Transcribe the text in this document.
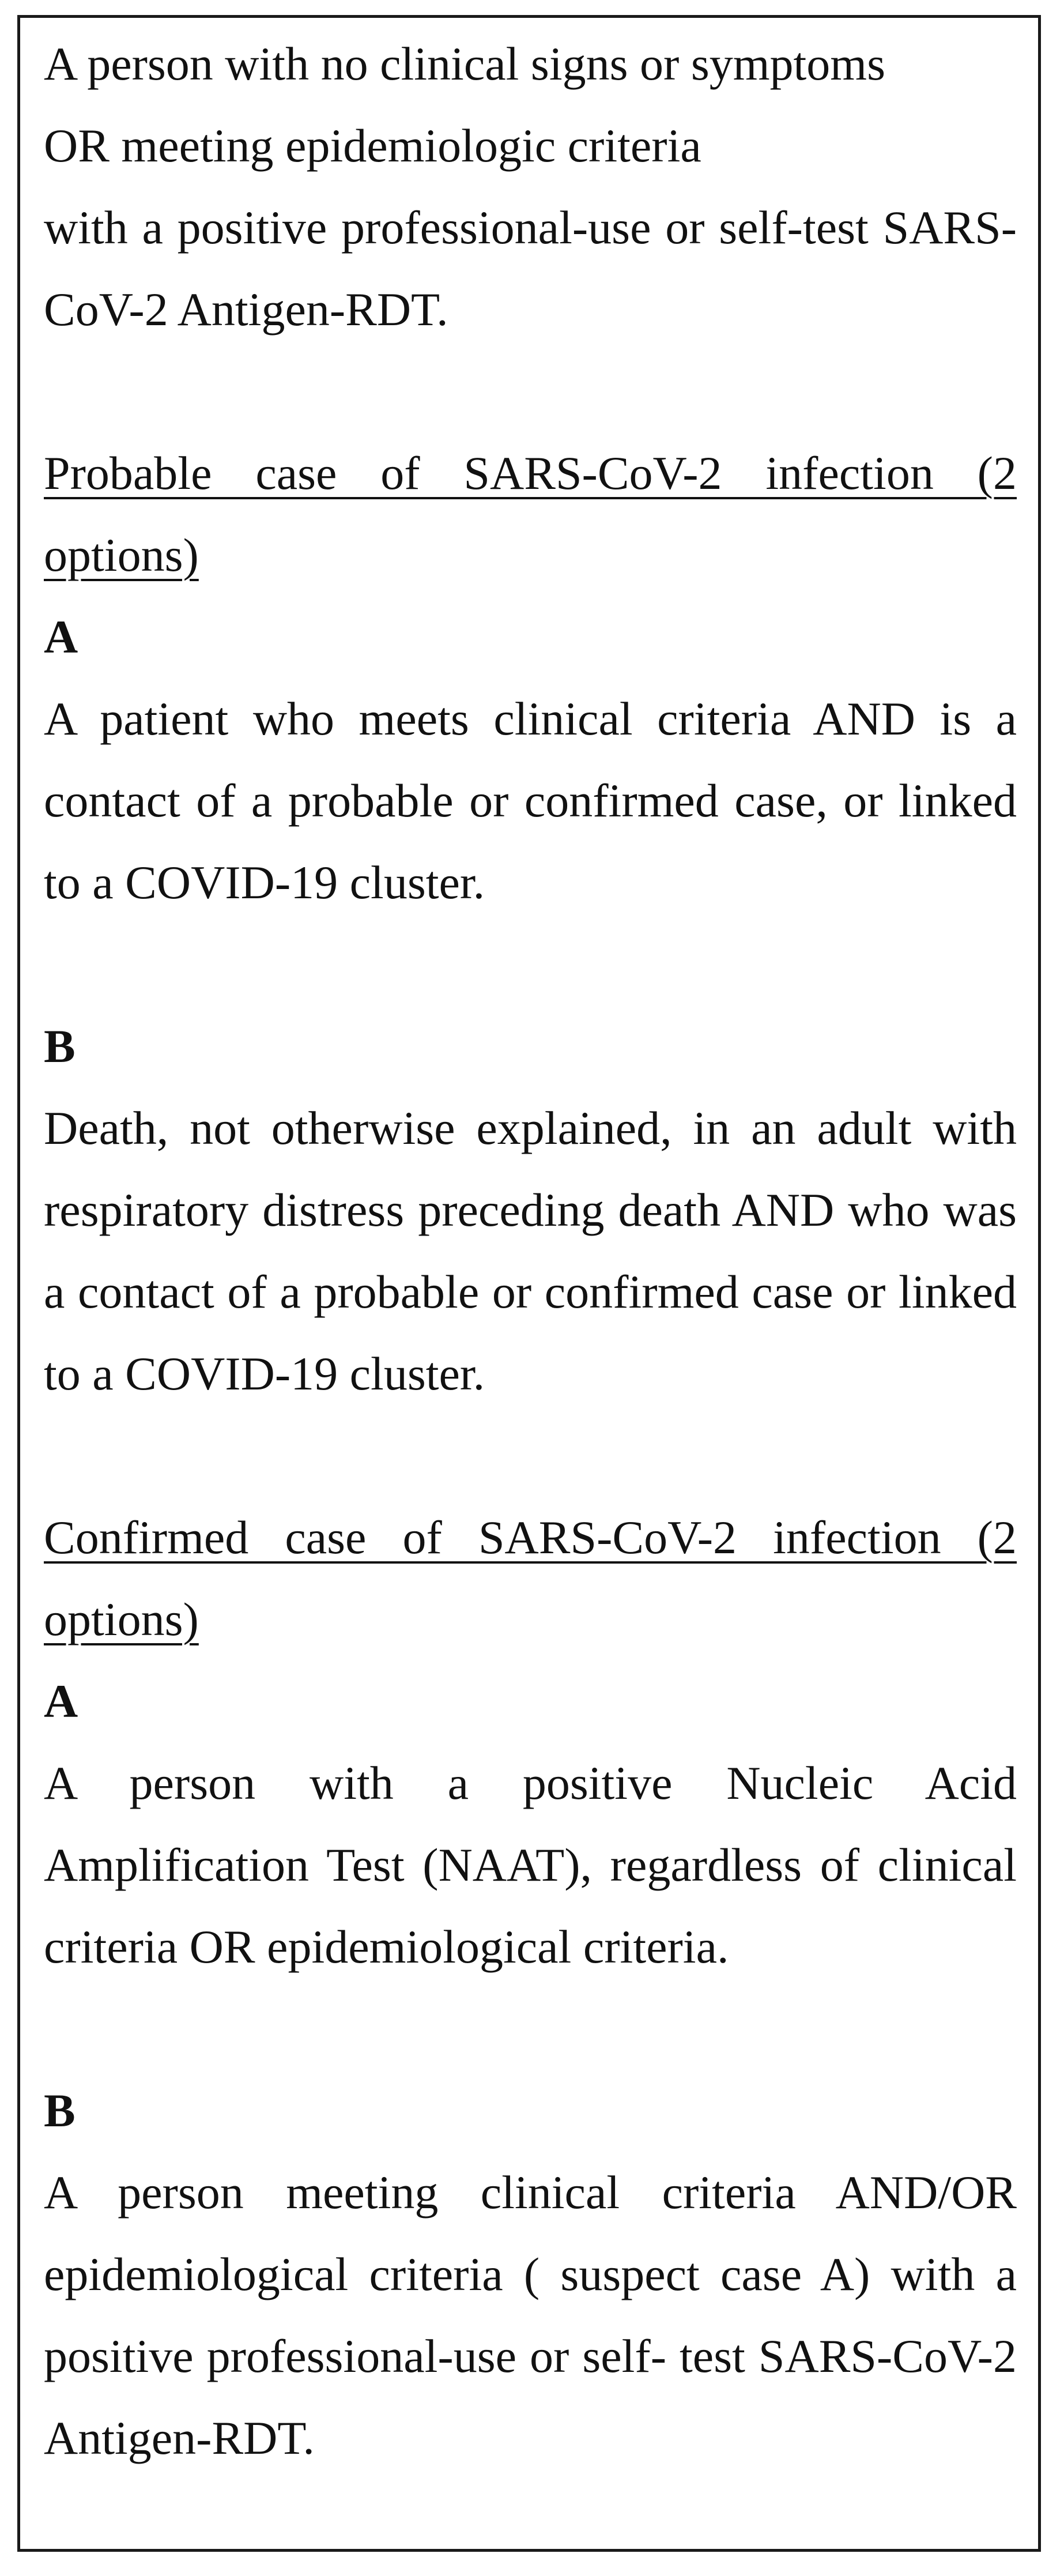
A person with no clinical signs or symptoms
OR meeting epidemiologic criteria
with a positive professional-use or self-test SARS-CoV-2 Antigen-RDT.

Probable case of SARS-CoV-2 infection (2 options)

A

A patient who meets clinical criteria AND is a contact of a probable or confirmed case, or linked to a COVID-19 cluster.

B

Death, not otherwise explained, in an adult with respiratory distress preceding death AND who was a contact of a probable or confirmed case or linked to a COVID-19 cluster.

Confirmed case of SARS-CoV-2 infection (2 options)

A

A person with a positive Nucleic Acid Amplification Test (NAAT), regardless of clinical criteria OR epidemiological criteria.

B

A person meeting clinical criteria AND/OR epidemiological criteria ( suspect case A) with a positive professional-use or self- test SARS-CoV-2 Antigen-RDT.
